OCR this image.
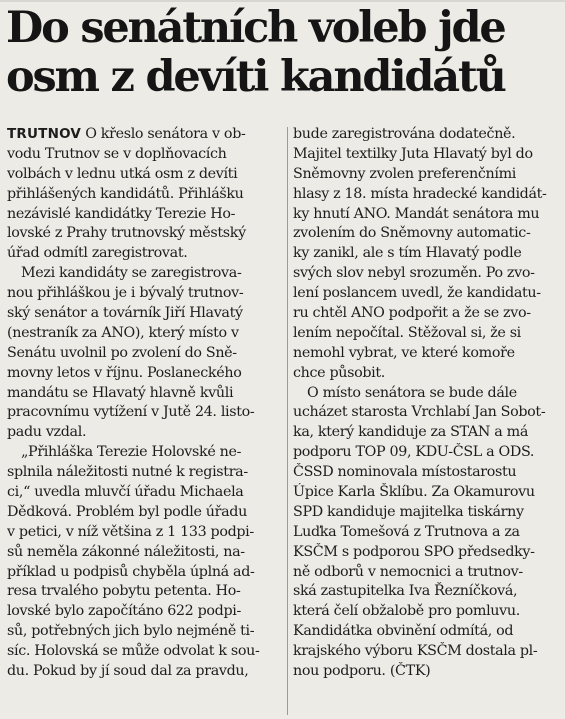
Do senátních voleb jde
osm z devíti kandidátů
TRUTNOV O křeslo senátora v ob-
vodu Trutnov se v doplňovacích
volbách v lednu utká osm z devíti
přihlášených kandidátů. Přihlášku
nezávislé kandidátky Terezie Ho-
lovské z Prahy trutnovský městský
úřad odmítl zaregistrovat.
Mezi kandidáty se zaregistrova-
nou přihláškou je i bývalý trutnov-
ský senátor a továrník Jiří Hlavatý
(nestraník za ANO), který místo v
Senátu uvolnil po zvolení do Sně-
movny letos v říjnu. Poslaneckého
mandátu se Hlavatý hlavně kvůli
pracovnímu vytížení v Jutě 24. listo-
padu vzdal.
„Přihláška Terezie Holovské ne-
splnila náležitosti nutné k registra-
ci,“ uvedla mluvčí úřadu Michaela
Dědková. Problém byl podle úřadu
v petici, v níž většina z 1 133 podpi-
sů neměla zákonné náležitosti, na-
příklad u podpisů chyběla úplná ad-
resa trvalého pobytu petenta. Ho-
lovské bylo započítáno 622 podpi-
sů, potřebných jich bylo nejméně ti-
síc. Holovská se může odvolat k sou-
du. Pokud by jí soud dal za pravdu,
bude zaregistrována dodatečně.
Majitel textilky Juta Hlavatý byl do
Sněmovny zvolen preferenčními
hlasy z 18. místa hradecké kandidát-
ky hnutí ANO. Mandát senátora mu
zvolením do Sněmovny automatic-
ky zanikl, ale s tím Hlavatý podle
svých slov nebyl srozuměn. Po zvo-
lení poslancem uvedl, že kandidatu-
ru chtěl ANO podpořit a že se zvo-
lením nepočítal. Stěžoval si, že si
nemohl vybrat, ve které komoře
chce působit.
O místo senátora se bude dále
ucházet starosta Vrchlabí Jan Sobot-
ka, který kandiduje za STAN a má
podporu TOP 09, KDU-ČSL a ODS.
ČSSD nominovala místostarostu
Úpice Karla Šklíbu. Za Okamurovu
SPD kandiduje majitelka tiskárny
Luďka Tomešová z Trutnova a za
KSČM s podporou SPO předsedky-
ně odborů v nemocnici a trutnov-
ská zastupitelka Iva Řezníčková,
která čelí obžalobě pro pomluvu.
Kandidátka obviněnı́ odmítá, od
krajského výboru KSČM dostala pl-
nou podporu. (ČTK)
